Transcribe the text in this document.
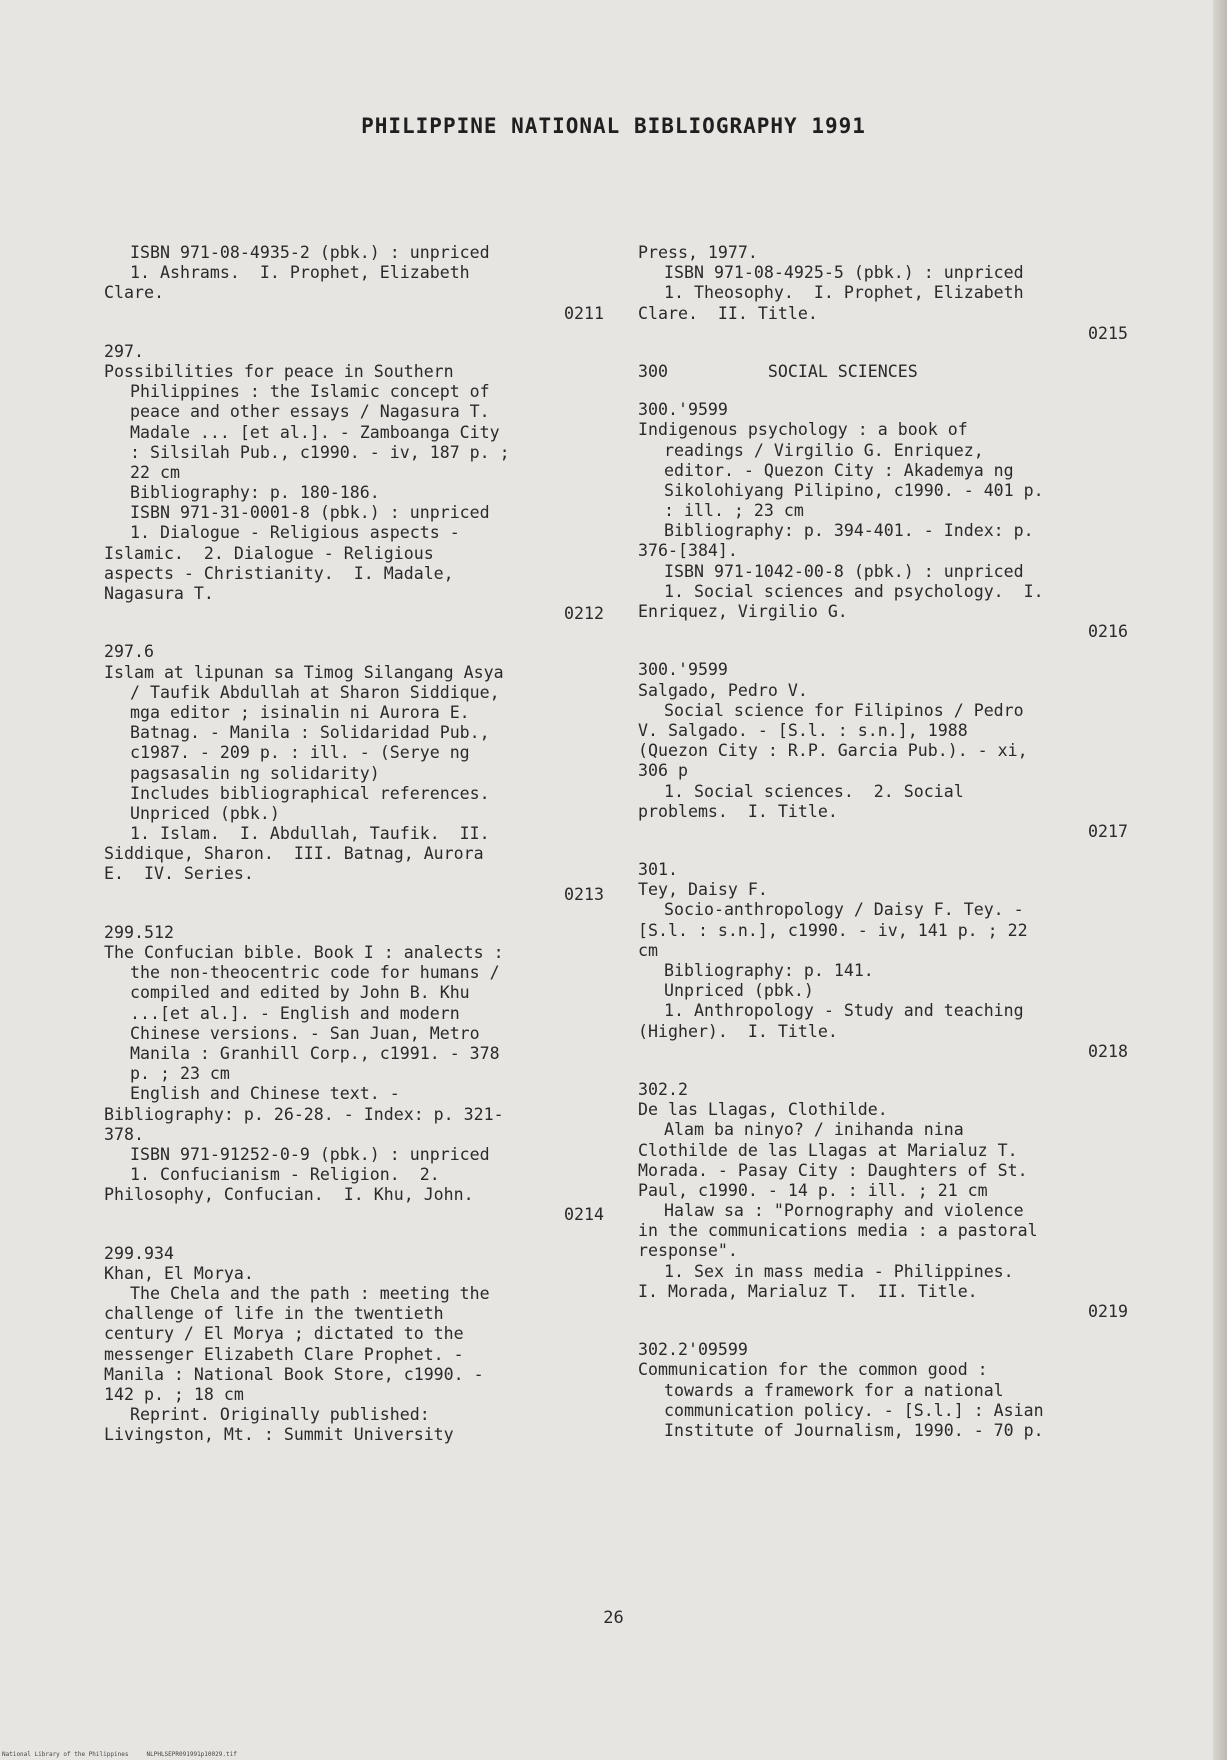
PHILIPPINE NATIONAL BIBLIOGRAPHY 1991
ISBN 971-08-4935-2 (pbk.) : unpriced
1. Ashrams.  I. Prophet, Elizabeth
Clare.
0211
297.
Possibilities for peace in Southern
Philippines : the Islamic concept of
peace and other essays / Nagasura T.
Madale ... [et al.]. - Zamboanga City
: Silsilah Pub., c1990. - iv, 187 p. ;
22 cm
Bibliography: p. 180-186.
ISBN 971-31-0001-8 (pbk.) : unpriced
1. Dialogue - Religious aspects -
Islamic.  2. Dialogue - Religious
aspects - Christianity.  I. Madale,
Nagasura T.
0212
297.6
Islam at lipunan sa Timog Silangang Asya
/ Taufik Abdullah at Sharon Siddique,
mga editor ; isinalin ni Aurora E.
Batnag. - Manila : Solidaridad Pub.,
c1987. - 209 p. : ill. - (Serye ng
pagsasalin ng solidarity)
Includes bibliographical references.
Unpriced (pbk.)
1. Islam.  I. Abdullah, Taufik.  II.
Siddique, Sharon.  III. Batnag, Aurora
E.  IV. Series.
0213
299.512
The Confucian bible. Book I : analects :
the non-theocentric code for humans /
compiled and edited by John B. Khu
...[et al.]. - English and modern
Chinese versions. - San Juan, Metro
Manila : Granhill Corp., c1991. - 378
p. ; 23 cm
English and Chinese text. -
Bibliography: p. 26-28. - Index: p. 321-
378.
ISBN 971-91252-0-9 (pbk.) : unpriced
1. Confucianism - Religion.  2.
Philosophy, Confucian.  I. Khu, John.
0214
299.934
Khan, El Morya.
The Chela and the path : meeting the
challenge of life in the twentieth
century / El Morya ; dictated to the
messenger Elizabeth Clare Prophet. -
Manila : National Book Store, c1990. -
142 p. ; 18 cm
Reprint. Originally published:
Livingston, Mt. : Summit University
Press, 1977.
ISBN 971-08-4925-5 (pbk.) : unpriced
1. Theosophy.  I. Prophet, Elizabeth
Clare.  II. Title.
0215
300          SOCIAL SCIENCES
300.'9599
Indigenous psychology : a book of
readings / Virgilio G. Enriquez,
editor. - Quezon City : Akademya ng
Sikolohiyang Pilipino, c1990. - 401 p.
: ill. ; 23 cm
Bibliography: p. 394-401. - Index: p.
376-[384].
ISBN 971-1042-00-8 (pbk.) : unpriced
1. Social sciences and psychology.  I.
Enriquez, Virgilio G.
0216
300.'9599
Salgado, Pedro V.
Social science for Filipinos / Pedro
V. Salgado. - [S.l. : s.n.], 1988
(Quezon City : R.P. Garcia Pub.). - xi,
306 p
1. Social sciences.  2. Social
problems.  I. Title.
0217
301.
Tey, Daisy F.
Socio-anthropology / Daisy F. Tey. -
[S.l. : s.n.], c1990. - iv, 141 p. ; 22
cm
Bibliography: p. 141.
Unpriced (pbk.)
1. Anthropology - Study and teaching
(Higher).  I. Title.
0218
302.2
De las Llagas, Clothilde.
Alam ba ninyo? / inihanda nina
Clothilde de las Llagas at Marialuz T.
Morada. - Pasay City : Daughters of St.
Paul, c1990. - 14 p. : ill. ; 21 cm
Halaw sa : "Pornography and violence
in the communications media : a pastoral
response".
1. Sex in mass media - Philippines.
I. Morada, Marialuz T.  II. Title.
0219
302.2'09599
Communication for the common good :
towards a framework for a national
communication policy. - [S.l.] : Asian
Institute of Journalism, 1990. - 70 p.
26
National Library of the Philippines     NLPHLSEPR091991p10029.tif
